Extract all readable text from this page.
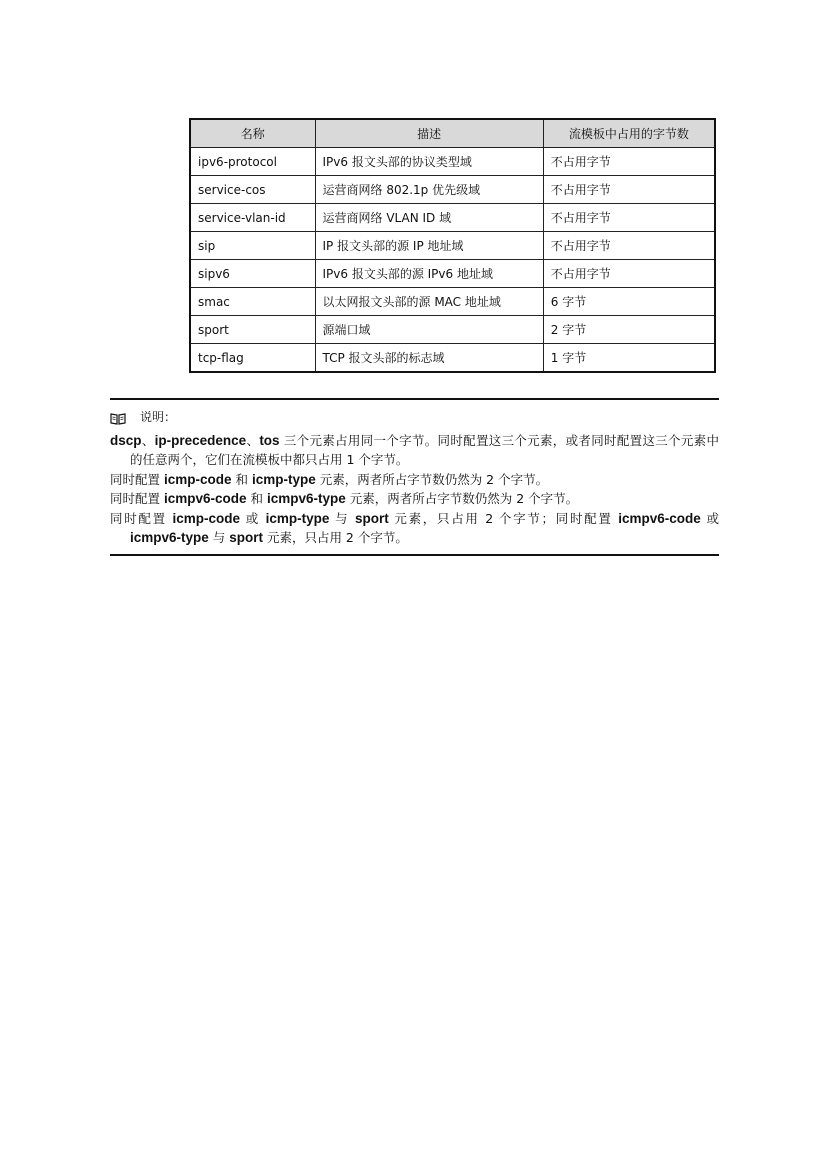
名称	描述	流模板中占用的字节数
ipv6-protocol	IPv6 报文头部的协议类型域	不占用字节
service-cos	运营商网络 802.1p 优先级域	不占用字节
service-vlan-id	运营商网络 VLAN ID 域	不占用字节
sip	IP 报文头部的源 IP 地址域	不占用字节
sipv6	IPv6 报文头部的源 IPv6 地址域	不占用字节
smac	以太网报文头部的源 MAC 地址域	6 字节
sport	源端口域	2 字节
tcp-flag	TCP 报文头部的标志域	1 字节
说明：

dscp、ip-precedence、tos 三个元素占用同一个字节。同时配置这三个元素，或者同时配置这三个元素中的任意两个，它们在流模板中都只占用 1 个字节。

同时配置 icmp-code 和 icmp-type 元素，两者所占字节数仍然为 2 个字节。

同时配置 icmpv6-code 和 icmpv6-type 元素，两者所占字节数仍然为 2 个字节。

同时配置 icmp-code 或 icmp-type 与 sport 元素，只占用 2 个字节；同时配置 icmpv6-code 或 icmpv6-type 与 sport 元素，只占用 2 个字节。
